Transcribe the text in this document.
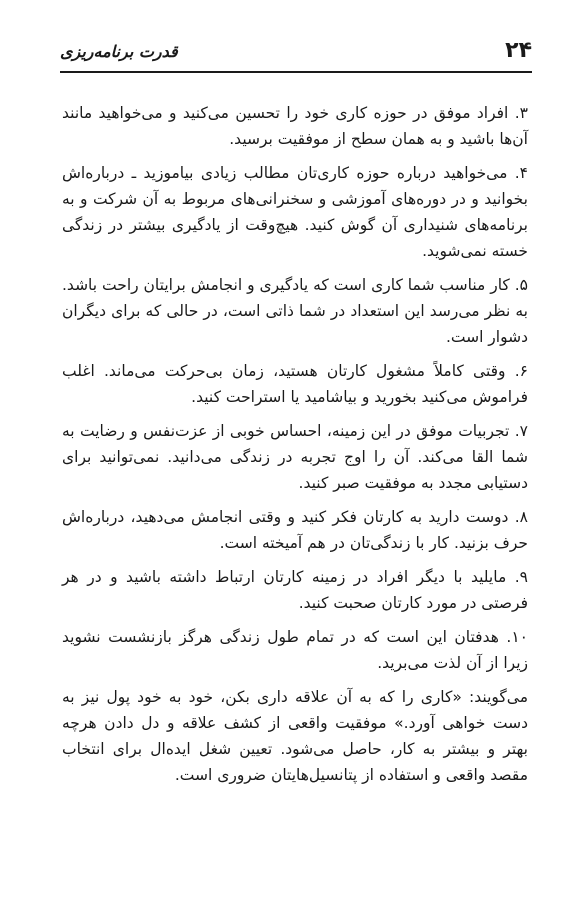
۲۴
قدرت برنامه‌ریزی

۳. افراد موفق در حوزه کاری خود را تحسین می‌کنید و می‌خواهید مانند آن‌ها باشید و به همان سطح از موفقیت برسید.

۴. می‌خواهید درباره حوزه کاری‌تان مطالب زیادی بیاموزید ـ درباره‌اش بخوانید و در دوره‌های آموزشی و سخنرانی‌های مربوط به آن شرکت و به برنامه‌های شنیداری آن گوش کنید. هیچ‌وقت از یادگیری بیشتر در زندگی خسته نمی‌شوید.

۵. کار مناسب شما کاری است که یادگیری و انجامش برایتان راحت باشد. به نظر می‌رسد این استعداد در شما ذاتی است، در حالی که برای دیگران دشوار است.

۶. وقتی کاملاً مشغول کارتان هستید، زمان بی‌حرکت می‌ماند. اغلب فراموش می‌کنید بخورید و بیاشامید یا استراحت کنید.

۷. تجربیات موفق در این زمینه، احساس خوبی از عزت‌نفس و رضایت به شما القا می‌کند. آن را اوج تجربه در زندگی می‌دانید. نمی‌توانید برای دستیابی مجدد به موفقیت صبر کنید.

۸. دوست دارید به کارتان فکر کنید و وقتی انجامش می‌دهید، درباره‌اش حرف بزنید. کار با زندگی‌تان در هم آمیخته است.

۹. مایلید با دیگر افراد در زمینه کارتان ارتباط داشته باشید و در هر فرصتی در مورد کارتان صحبت کنید.

۱۰. هدفتان این است که در تمام طول زندگی هرگز بازنشست نشوید زیرا از آن لذت می‌برید.

می‌گویند: «کاری را که به آن علاقه داری بکن، خود به خود پول نیز به دست خواهی آورد.» موفقیت واقعی از کشف علاقه و دل دادن هرچه بهتر و بیشتر به کار، حاصل می‌شود. تعیین شغل ایده‌ال برای انتخاب مقصد واقعی و استفاده از پتانسیل‌هایتان ضروری است.
